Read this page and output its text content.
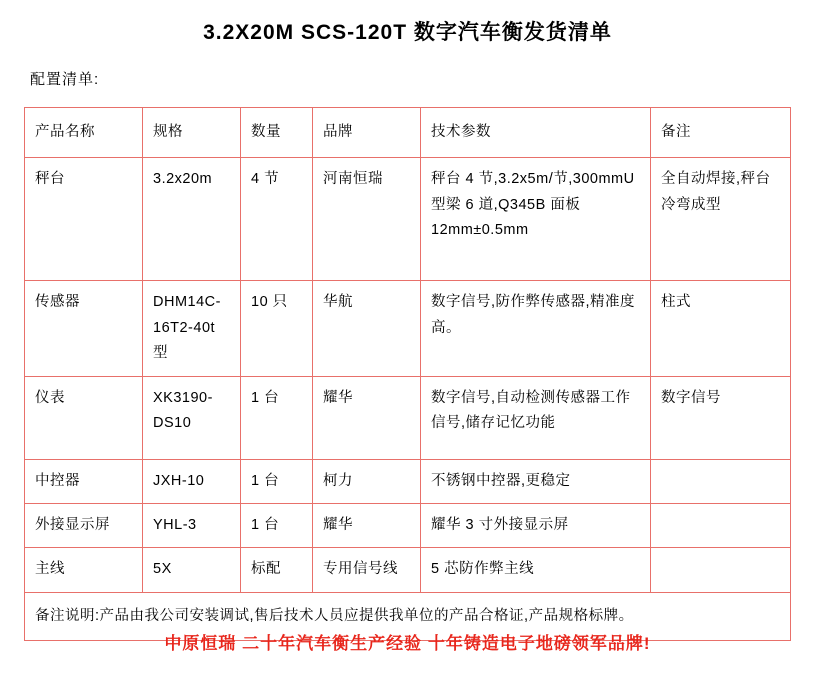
3.2X20M SCS-120T 数字汽车衡发货清单
配置清单:
产品名称	规格	数量	品牌	技术参数	备注
秤台	3.2x20m	4 节	河南恒瑞	秤台 4 节,3.2x5m/节,300mmU 型梁 6 道,Q345B 面板 12mm±0.5mm	全自动焊接,秤台冷弯成型
传感器	DHM14C-16T2-40t 型	10 只	华航	数字信号,防作弊传感器,精准度高。	柱式
仪表	XK3190-DS10	1 台	耀华	数字信号,自动检测传感器工作信号,储存记忆功能	数字信号
中控器	JXH-10	1 台	柯力	不锈钢中控器,更稳定	
外接显示屏	YHL-3	1 台	耀华	耀华 3 寸外接显示屏	
主线	5X	标配	专用信号线	5 芯防作弊主线	
备注说明:产品由我公司安装调试,售后技术人员应提供我单位的产品合格证,产品规格标牌。					
中原恒瑞 二十年汽车衡生产经验 十年铸造电子地磅领军品牌!
